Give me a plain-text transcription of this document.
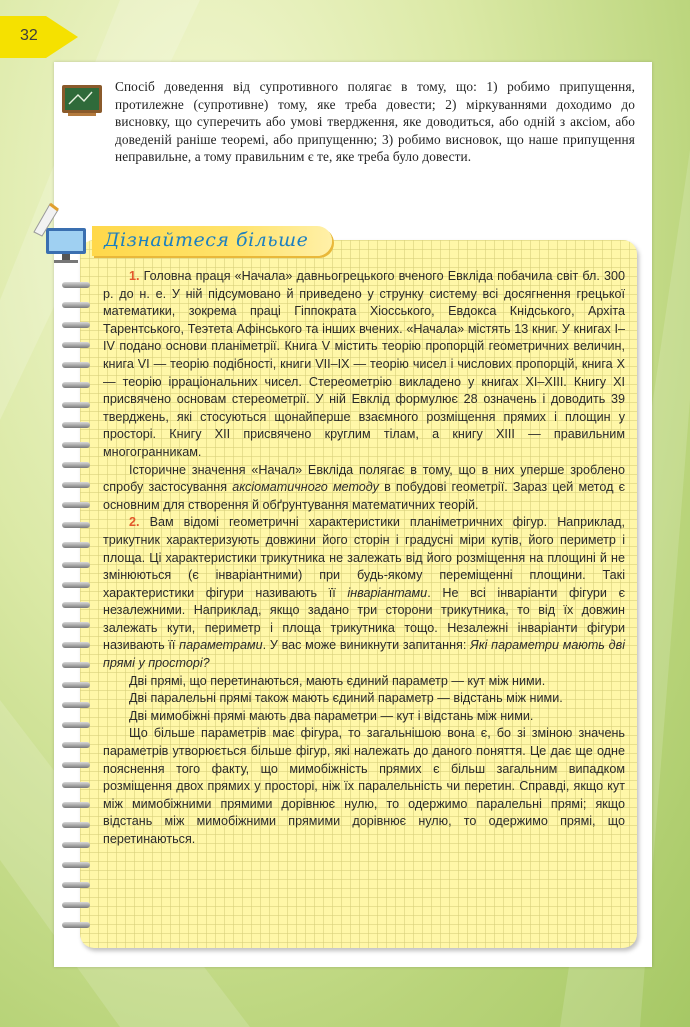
32
Спосіб доведення від супротивного полягає в тому, що: 1) робимо припущення, протилежне (супротивне) тому, яке треба довести; 2) міркуваннями доходимо до висновку, що суперечить або умові твердження, яке доводиться, або одній з аксіом, або доведеній раніше теоремі, або припущенню; 3) робимо висновок, що наше припущення неправильне, а тому правильним є те, яке треба було довести.
Дізнайтеся більше

1. Головна праця «Начала» давньогрецького вченого Евкліда побачила світ бл. 300 р. до н. е. У ній підсумовано й приведено у струнку систему всі досягнення грецької математики, зокрема праці Гіппократа Хіосського, Евдокса Кнідського, Архіта Тарентського, Теэтета Афінського та інших вчених. «Начала» містять 13 книг. У книгах I–IV подано основи планіметрії. Книга V містить теорію пропорцій геометричних величин, книга VI — теорію подібності, книги VII–IX — теорію чисел і числових пропорцій, книга X — теорію ірраціональних чисел. Стереометрію викладено у книгах XI–XIII. Книгу XI присвячено основам стереометрії. У ній Евклід формулює 28 означень і доводить 39 тверджень, які стосуються щонайперше взаємного розміщення прямих і площин у просторі. Книгу XII присвячено круглим тілам, а книгу XIII — правильним многогранникам.

Історичне значення «Начал» Евкліда полягає в тому, що в них уперше зроблено спробу застосування аксіоматичного методу в побудові геометрії. Зараз цей метод є основним для створення й обґрунтування математичних теорій.

2. Вам відомі геометричні характеристики планіметричних фігур. Наприклад, трикутник характеризують довжини його сторін і градусні міри кутів, його периметр і площа. Ці характеристики трикутника не залежать від його розміщення на площині й не змінюються (є інваріантними) при будь-якому переміщенні площини. Такі характеристики фігури називають її інваріантами. Не всі інваріанти фігури є незалежними. Наприклад, якщо задано три сторони трикутника, то від їх довжин залежать кути, периметр і площа трикутника тощо. Незалежні інваріанти фігури називають її параметрами. У вас може виникнути запитання: Які параметри мають дві прямі у просторі?

Дві прямі, що перетинаються, мають єдиний параметр — кут між ними.

Дві паралельні прямі також мають єдиний параметр — відстань між ними.

Дві мимобіжні прямі мають два параметри — кут і відстань між ними.

Що більше параметрів має фігура, то загальнішою вона є, бо зі зміною значень параметрів утворюється більше фігур, які належать до даного поняття. Це дає ще одне пояснення того факту, що мимобіжність прямих є більш загальним випадком розміщення двох прямих у просторі, ніж їх паралельність чи перетин. Справді, якщо кут між мимобіжними прямими дорівнює нулю, то одержимо паралельні прямі; якщо відстань між мимобіжними прямими дорівнює нулю, то одержимо прямі, що перетинаються.
